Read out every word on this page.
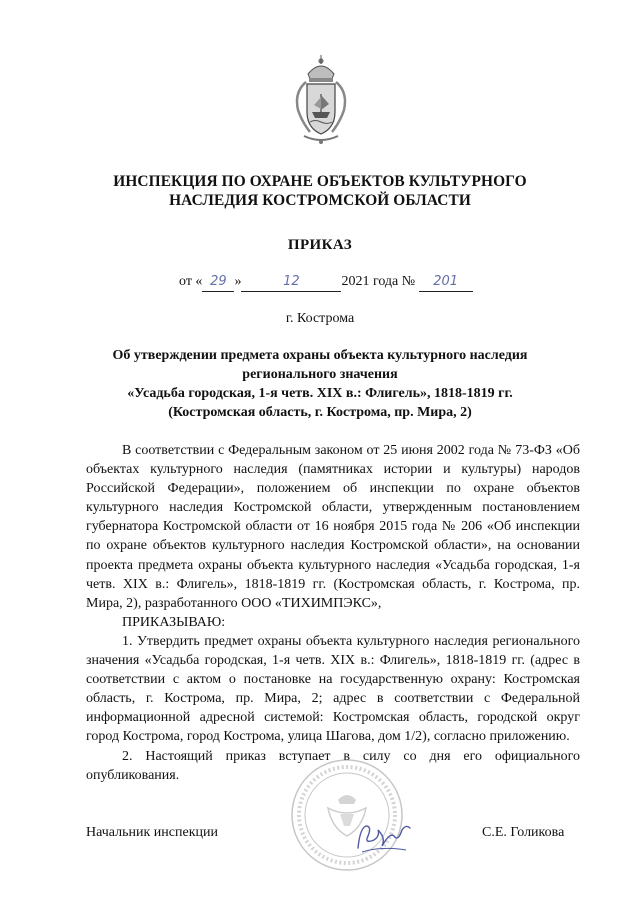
ИНСПЕКЦИЯ ПО ОХРАНЕ ОБЪЕКТОВ КУЛЬТУРНОГО
НАСЛЕДИЯ КОСТРОМСКОЙ ОБЛАСТИ
ПРИКАЗ
от « 29 »	12	2021 года № 201
г. Кострома
Об утверждении предмета охраны объекта культурного наследия
регионального значения
«Усадьба городская, 1-я четв. XIX в.: Флигель», 1818-1819 гг.
(Костромская область, г. Кострома, пр. Мира, 2)

В соответствии с Федеральным законом от 25 июня 2002 года № 73-ФЗ «Об объектах культурного наследия (памятниках истории и культуры) народов Российской Федерации», положением об инспекции по охране объектов культурного наследия Костромской области, утвержденным постановлением губернатора Костромской области от 16 ноября 2015 года № 206 «Об инспекции по охране объектов культурного наследия Костромской области», на основании проекта предмета охраны объекта культурного наследия «Усадьба городская, 1-я четв. XIX в.: Флигель», 1818-1819 гг. (Костромская область, г. Кострома, пр. Мира, 2), разработанного ООО «ТИХИМПЭКС»,

ПРИКАЗЫВАЮ:

1. Утвердить предмет охраны объекта культурного наследия регионального значения «Усадьба городская, 1-я четв. XIX в.: Флигель», 1818-1819 гг. (адрес в соответствии с актом о постановке на государственную охрану: Костромская область, г. Кострома, пр. Мира, 2; адрес в соответствии с Федеральной информационной адресной системой: Костромская область, городской округ город Кострома, город Кострома, улица Шагова, дом 1/2), согласно приложению.

2. Настоящий приказ вступает в силу со дня его официального опубликования.

Начальник инспекции	С.Е. Голикова
